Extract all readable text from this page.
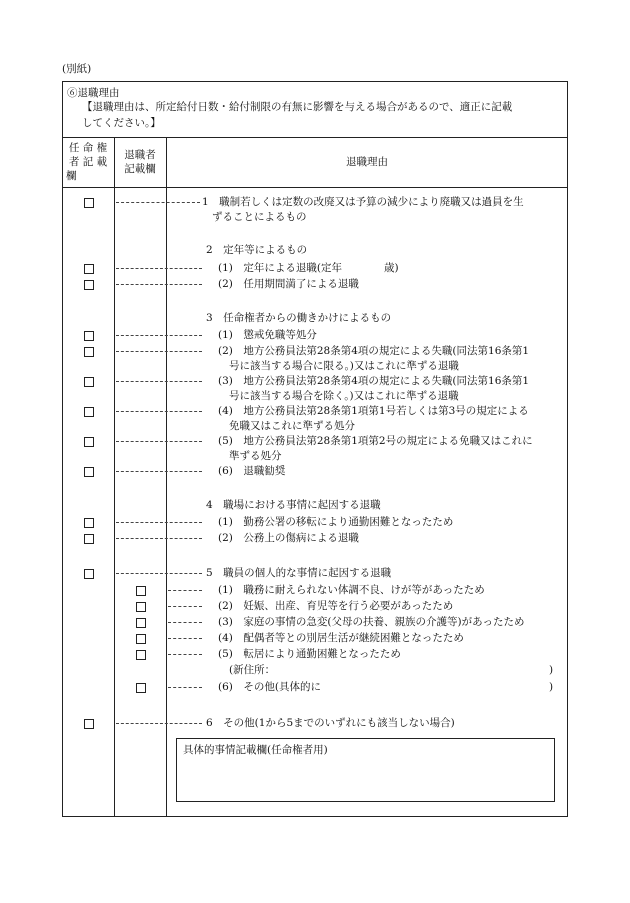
(別紙)
⑥退職理由
【退職理由は、所定給付日数・給付制限の有無に影響を与える場合があるので、適正に記載
してください。】
任 命 権
者 記 載
欄
退職者
記載欄
退職理由
1　職制若しくは定数の改廃又は予算の減少により廃職又は過員を生
ずることによるもの
2　定年等によるもの
(1)　定年による退職(定年　　　　歳)
(2)　任用期間満了による退職
3　任命権者からの働きかけによるもの
(1)　懲戒免職等処分
(2)　地方公務員法第28条第4項の規定による失職(同法第16条第1
号に該当する場合に限る。)又はこれに準ずる退職
(3)　地方公務員法第28条第4項の規定による失職(同法第16条第1
号に該当する場合を除く。)又はこれに準ずる退職
(4)　地方公務員法第28条第1項第1号若しくは第3号の規定による
免職又はこれに準ずる処分
(5)　地方公務員法第28条第1項第2号の規定による免職又はこれに
準ずる処分
(6)　退職勧奨
4　職場における事情に起因する退職
(1)　勤務公署の移転により通勤困難となったため
(2)　公務上の傷病による退職
5　職員の個人的な事情に起因する退職
(1)　職務に耐えられない体調不良、けが等があったため
(2)　妊娠、出産、育児等を行う必要があったため
(3)　家庭の事情の急変(父母の扶養、親族の介護等)があったため
(4)　配偶者等との別居生活が継続困難となったため
(5)　転居により通勤困難となったため
(新住所：	)
(6)　その他(具体的に	)
6　その他(1から5までのいずれにも該当しない場合)
具体的事情記載欄(任命権者用)
